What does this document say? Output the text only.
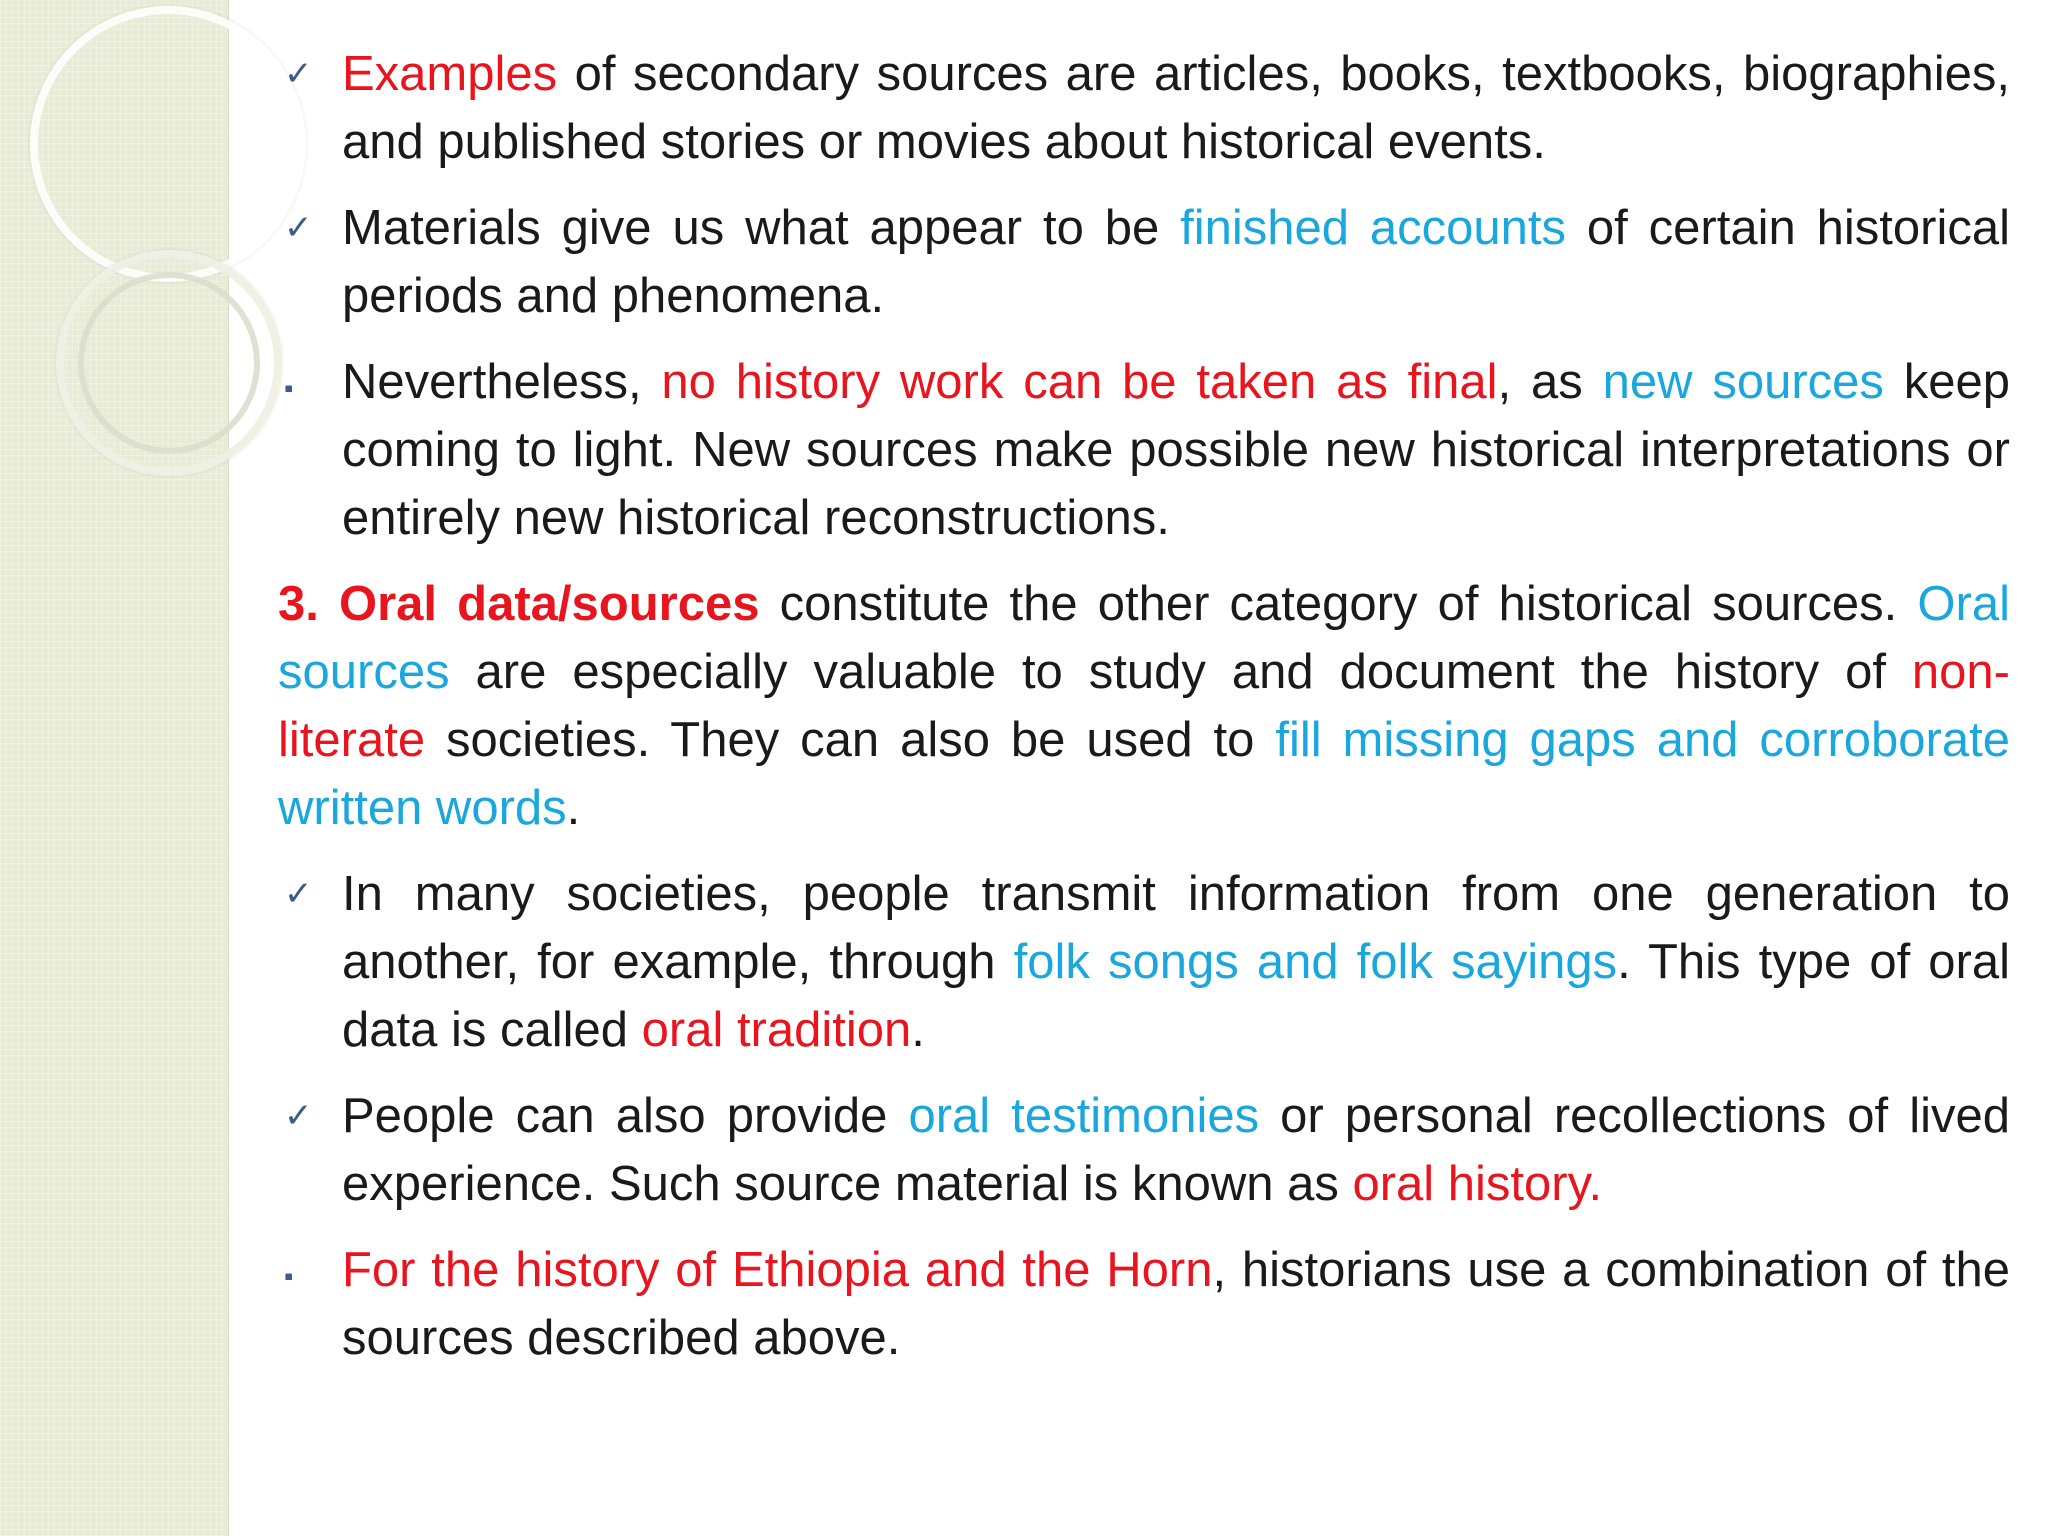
✓ Examples of secondary sources are articles, books, textbooks, biographies, and published stories or movies about historical events.
✓ Materials give us what appear to be finished accounts of certain historical periods and phenomena.
▪ Nevertheless, no history work can be taken as final, as new sources keep coming to light. New sources make possible new historical interpretations or entirely new historical reconstructions.
3. Oral data/sources constitute the other category of historical sources. Oral sources are especially valuable to study and document the history of non-literate societies. They can also be used to fill missing gaps and corroborate written words.
✓ In many societies, people transmit information from one generation to another, for example, through folk songs and folk sayings. This type of oral data is called oral tradition.
✓ People can also provide oral testimonies or personal recollections of lived experience. Such source material is known as oral history.
▪ For the history of Ethiopia and the Horn, historians use a combination of the sources described above.
